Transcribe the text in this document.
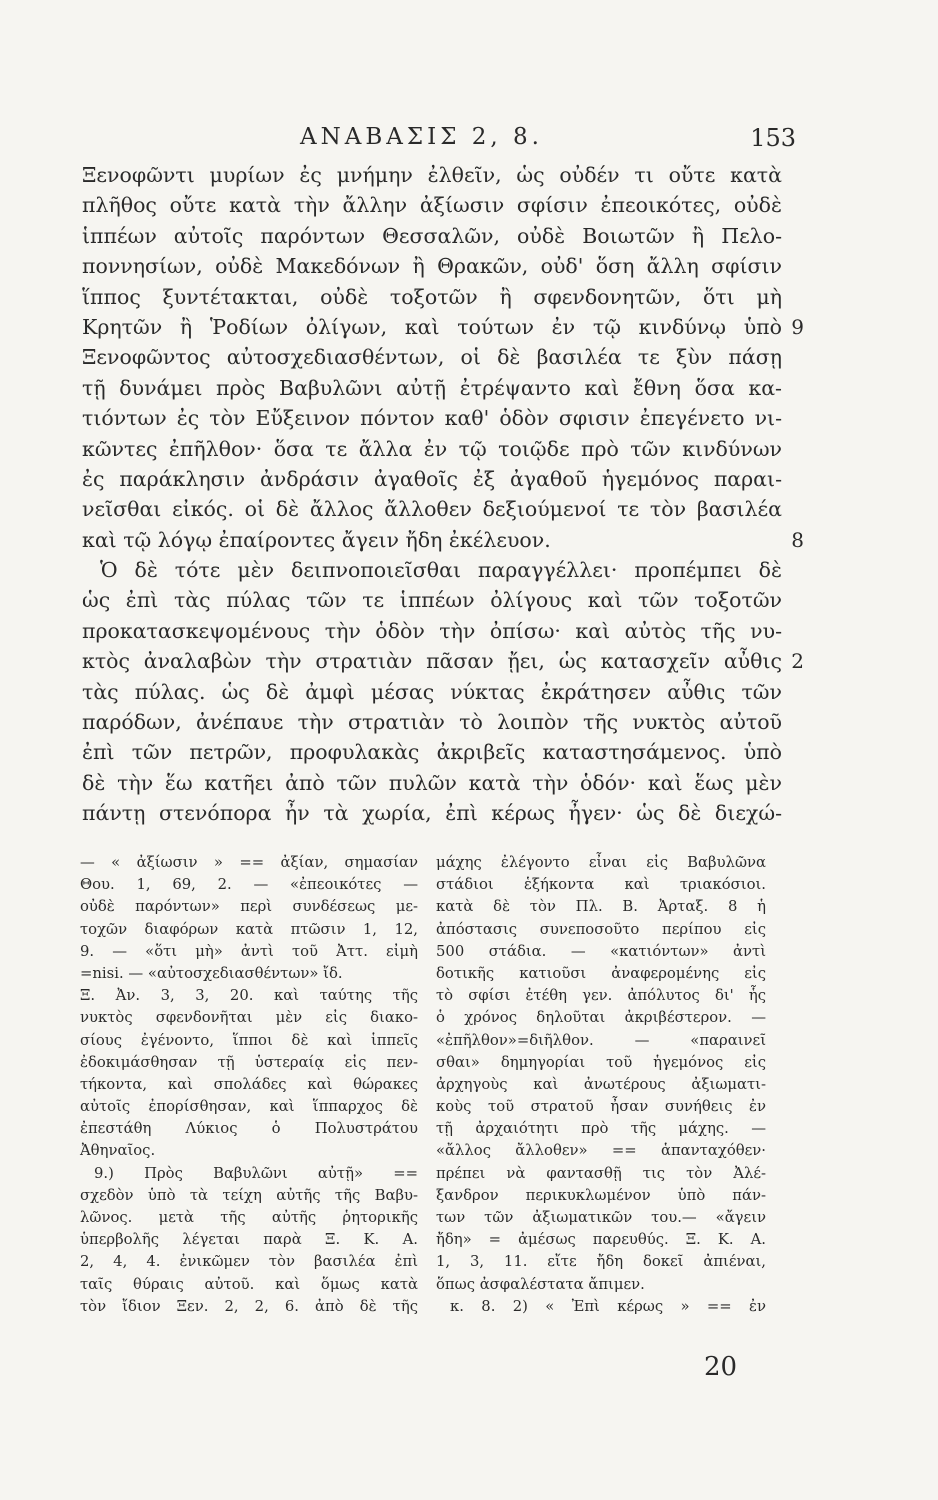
ΑΝΑΒΑΣΙΣ 2, 8.	153
Ξενοφῶντι μυρίων ἐς μνήμην ἐλθεῖν, ὡς οὐδέν τι οὔτε κατὰ
πλῆθος οὔτε κατὰ τὴν ἄλλην ἀξίωσιν σφίσιν ἐπεοικότες, οὐδὲ
ἱππέων αὐτοῖς παρόντων Θεσσαλῶν, οὐδὲ Βοιωτῶν ἢ Πελο-
ποννησίων, οὐδὲ Μακεδόνων ἢ Θρακῶν, οὐδ' ὅση ἄλλη σφίσιν
ἵππος ξυντέτακται, οὐδὲ τοξοτῶν ἢ σφενδονητῶν, ὅτι μὴ
Κρητῶν ἢ Ῥοδίων ὀλίγων, καὶ τούτων ἐν τῷ κινδύνῳ ὑπὸ 9
Ξενοφῶντος αὐτοσχεδιασθέντων, οἱ δὲ βασιλέα τε ξὺν πάσῃ
τῇ δυνάμει πρὸς Βαβυλῶνι αὐτῇ ἐτρέψαντο καὶ ἔθνη ὅσα κα-
τιόντων ἐς τὸν Εὔξεινον πόντον καθ' ὁδὸν σφισιν ἐπεγένετο νι-
κῶντες ἐπῆλθον· ὅσα τε ἄλλα ἐν τῷ τοιῷδε πρὸ τῶν κινδύνων
ἐς παράκλησιν ἀνδράσιν ἀγαθοῖς ἐξ ἀγαθοῦ ἡγεμόνος παραι-
νεῖσθαι εἰκός. οἱ δὲ ἄλλος ἄλλοθεν δεξιούμενοί τε τὸν βασιλέα
καὶ τῷ λόγῳ ἐπαίροντες ἄγειν ἤδη ἐκέλευον.	8
Ὁ δὲ τότε μὲν δειπνοποιεῖσθαι παραγγέλλει· προπέμπει δὲ
ὡς ἐπὶ τὰς πύλας τῶν τε ἱππέων ὀλίγους καὶ τῶν τοξοτῶν
προκατασκεψομένους τὴν ὁδὸν τὴν ὀπίσω· καὶ αὐτὸς τῆς νυ-
κτὸς ἀναλαβὼν τὴν στρατιὰν πᾶσαν ᾔει, ὡς κατασχεῖν αὖθις 2
τὰς πύλας. ὡς δὲ ἀμφὶ μέσας νύκτας ἐκράτησεν αὖθις τῶν
παρόδων, ἀνέπαυε τὴν στρατιὰν τὸ λοιπὸν τῆς νυκτὸς αὐτοῦ
ἐπὶ τῶν πετρῶν, προφυλακὰς ἀκριβεῖς καταστησάμενος. ὑπὸ
δὲ τὴν ἕω κατῆει ἀπὸ τῶν πυλῶν κατὰ τὴν ὁδόν· καὶ ἕως μὲν
πάντῃ στενόπορα ἦν τὰ χωρία, ἐπὶ κέρως ἦγεν· ὡς δὲ διεχώ-
— « ἀξίωσιν » == ἀξίαν, σημασίαν
Θου. 1, 69, 2. — «ἐπεοικότες —
οὐδὲ παρόντων» περὶ συνδέσεως με-
τοχῶν διαφόρων κατὰ πτῶσιν 1, 12,
9. — «ὅτι μὴ» ἀντὶ τοῦ Ἀττ. εἰμὴ
=nisi. — «αὐτοσχεδιασθέντων» ἴδ.
Ξ. Ἀν. 3, 3, 20. καὶ ταύτης τῆς
νυκτὸς σφενδονῆται μὲν εἰς διακο-
σίους ἐγένοντο, ἵπποι δὲ καὶ ἱππεῖς
ἐδοκιμάσθησαν τῇ ὑστεραίᾳ εἰς πεν-
τήκοντα, καὶ σπολάδες καὶ θώρακες
αὐτοῖς ἐπορίσθησαν, καὶ ἵππαρχος δὲ
ἐπεστάθη Λύκιος ὁ Πολυστράτου
Ἀθηναῖος.
9.) Πρὸς Βαβυλῶνι αὐτῇ» ==
σχεδὸν ὑπὸ τὰ τείχη αὐτῆς τῆς Βαβυ-
λῶνος. μετὰ τῆς αὐτῆς ῥητορικῆς
ὑπερβολῆς λέγεται παρὰ Ξ. Κ. Α.
2, 4, 4. ἐνικῶμεν τὸν βασιλέα ἐπὶ
ταῖς θύραις αὐτοῦ. καὶ ὅμως κατὰ
τὸν ἴδιον Ξεν. 2, 2, 6. ἀπὸ δὲ τῆς
μάχης ἐλέγοντο εἶναι εἰς Βαβυλῶνα
στάδιοι ἑξήκοντα καὶ τριακόσιοι.
κατὰ δὲ τὸν Πλ. Β. Ἀρταξ. 8 ἡ
ἀπόστασις συνεποσοῦτο περίπου εἰς
500 στάδια. — «κατιόντων» ἀντὶ
δοτικῆς κατιοῦσι ἀναφερομένης εἰς
τὸ σφίσι ἐτέθη γεν. ἀπόλυτος δι' ἧς
ὁ χρόνος δηλοῦται ἀκριβέστερον. —
«ἐπῆλθον»=διῆλθον. — «παραινεῖ
σθαι» δημηγορίαι τοῦ ἡγεμόνος εἰς
ἀρχηγοὺς καὶ ἀνωτέρους ἀξιωματι-
κοὺς τοῦ στρατοῦ ἦσαν συνήθεις ἐν
τῇ ἀρχαιότητι πρὸ τῆς μάχης. —
«ἄλλος ἄλλοθεν» == ἁπανταχόθεν·
πρέπει νὰ φαντασθῇ τις τὸν Ἀλέ-
ξανδρον περικυκλωμένον ὑπὸ πάν-
των τῶν ἀξιωματικῶν του.— «ἄγειν
ἤδη» = ἀμέσως παρευθύς. Ξ. Κ. Α.
1, 3, 11. εἴτε ἤδη δοκεῖ ἀπιέναι,
ὅπως ἀσφαλέστατα ἄπιμεν.
κ. 8. 2) « Ἐπὶ κέρως » == ἐν
20
